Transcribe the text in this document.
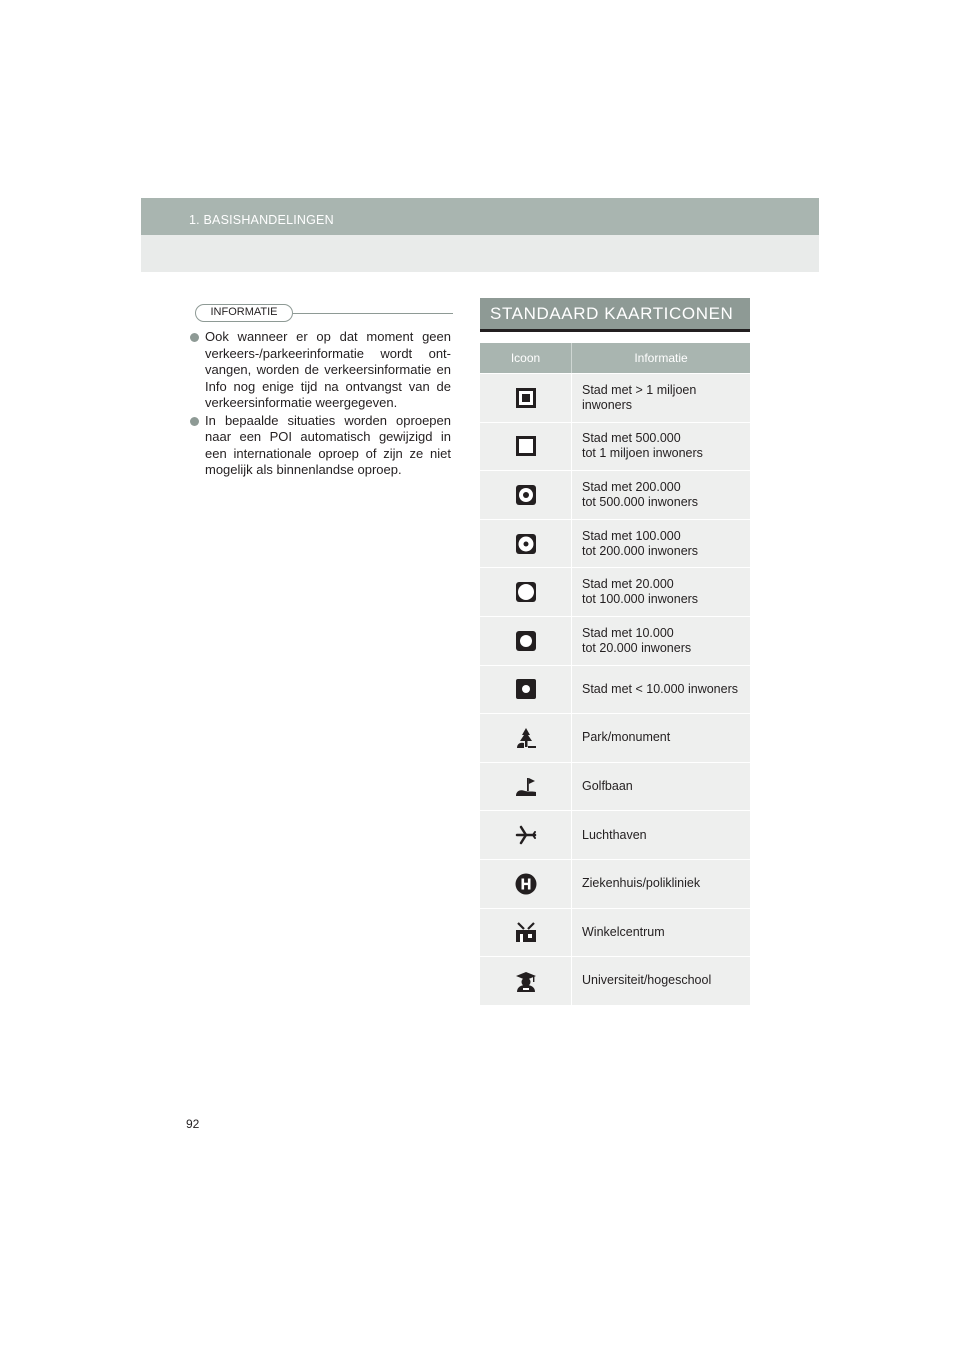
1. BASISHANDELINGEN
INFORMATIE
Ook wanneer er op dat moment geen verkeers-/parkeerinformatie wordt ont-vangen, worden de verkeersinformatie en Info nog enige tijd na ontvangst van de verkeersinformatie weergegeven.
In bepaalde situaties worden oproepen naar een POI automatisch gewijzigd in een internationale oproep of zijn ze niet mogelijk als binnenlandse oproep.
STANDAARD KAARTICONEN
Icoon	Informatie
Stad met > 1 miljoen
inwoners
Stad met 500.000
tot 1 miljoen inwoners
Stad met 200.000
tot 500.000 inwoners
Stad met 100.000
tot 200.000 inwoners
Stad met 20.000
tot 100.000 inwoners
Stad met 10.000
tot 20.000 inwoners
Stad met < 10.000 inwoners
Park/monument
Golfbaan
Luchthaven
Ziekenhuis/polikliniek
Winkelcentrum
Universiteit/hogeschool
92
